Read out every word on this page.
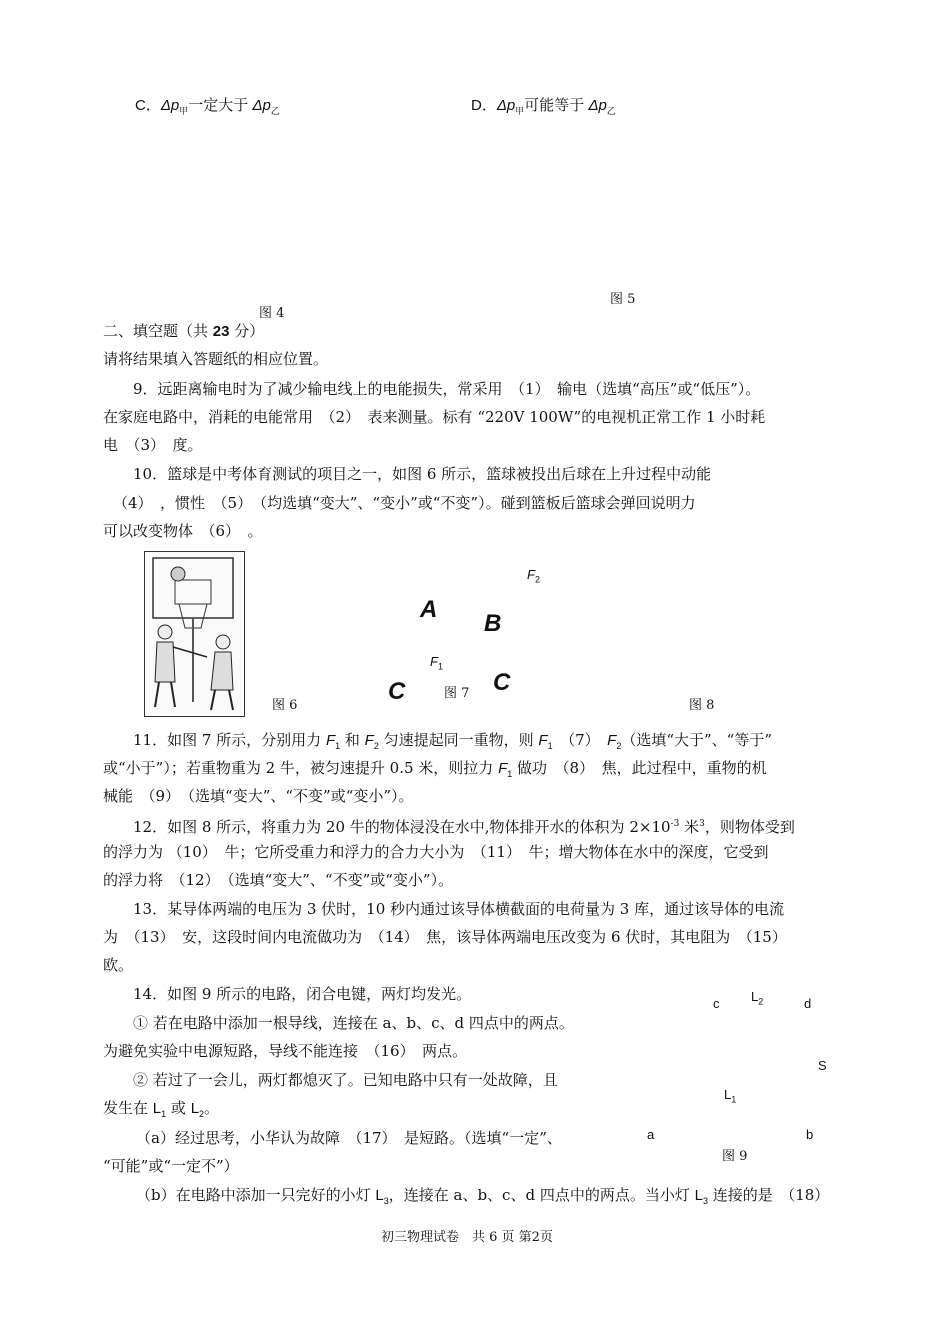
C．$\Delta p_甲$一定大于 $\Delta p_乙$	D．$\Delta p_甲$可能等于 $\Delta p_乙$
图 4
图 5
二、填空题（共 23 分）
请将结果填入答题纸的相应位置。
9．远距离输电时为了减少输电线上的电能损失，常采用　（1）　输电（选填“高压”或“低压”）。
在家庭电路中，消耗的电能常用　（2）　表来测量。标有 “220V 100W”的电视机正常工作 1 小时耗
电　（3）　度。
10．篮球是中考体育测试的项目之一，如图 6 所示，篮球被投出后球在上升过程中动能
（4）　，惯性　（5）　（均选填“变大”、“变小”或“不变”）。碰到篮板后篮球会弹回说明力
可以改变物体　（6）　。
图 6
$F_2$
A
B
$F_1$
C	图 7 C
图 8
11．如图 7 所示，分别用力 $F_1$ 和 $F_2$ 匀速提起同一重物，则 $F_1$　（7）　$F_2$（选填“大于”、“等于”
或“小于”）；若重物重为 2 牛，被匀速提升 0.5 米，则拉力 $F_1$ 做功　（8）　焦，此过程中，重物的机
械能　（9）　（选填“变大”、“不变”或“变小”）。
12．如图 8 所示，将重力为 20 牛的物体浸没在水中,物体排开水的体积为 $2\times 10^{-3}$ 米$^3$，则物体受到
的浮力为 （10）　牛；它所受重力和浮力的合力大小为　（11）　牛；增大物体在水中的深度，它受到
的浮力将　（12）　（选填“变大”、“不变”或“变小”）。
13．某导体两端的电压为 3 伏时，10 秒内通过该导体横截面的电荷量为 3 库，通过该导体的电流
为　（13）　安，这段时间内电流做功为　（14）　焦，该导体两端电压改变为 6 伏时，其电阻为　（15）
欧。
14．如图 9 所示的电路，闭合电键，两灯均发光。
① 若在电路中添加一根导线，连接在 a、b、c、d 四点中的两点。
为避免实验中电源短路，导线不能连接　（16）　两点。
② 若过了一会儿，两灯都熄灭了。已知电路中只有一处故障，且
发生在 $L_1$ 或 $L_2$。
（a）经过思考，小华认为故障　（17）　是短路。（选填“一定”、
“可能”或“一定不”）
（b）在电路中添加一只完好的小灯 $L_3$，连接在 a、b、c、d 四点中的两点。当小灯 $L_3$ 连接的是　（18）
c $L_2$	d
S
$L_1$
a	b
图 9
初三物理试卷　共 6 页 第2页
